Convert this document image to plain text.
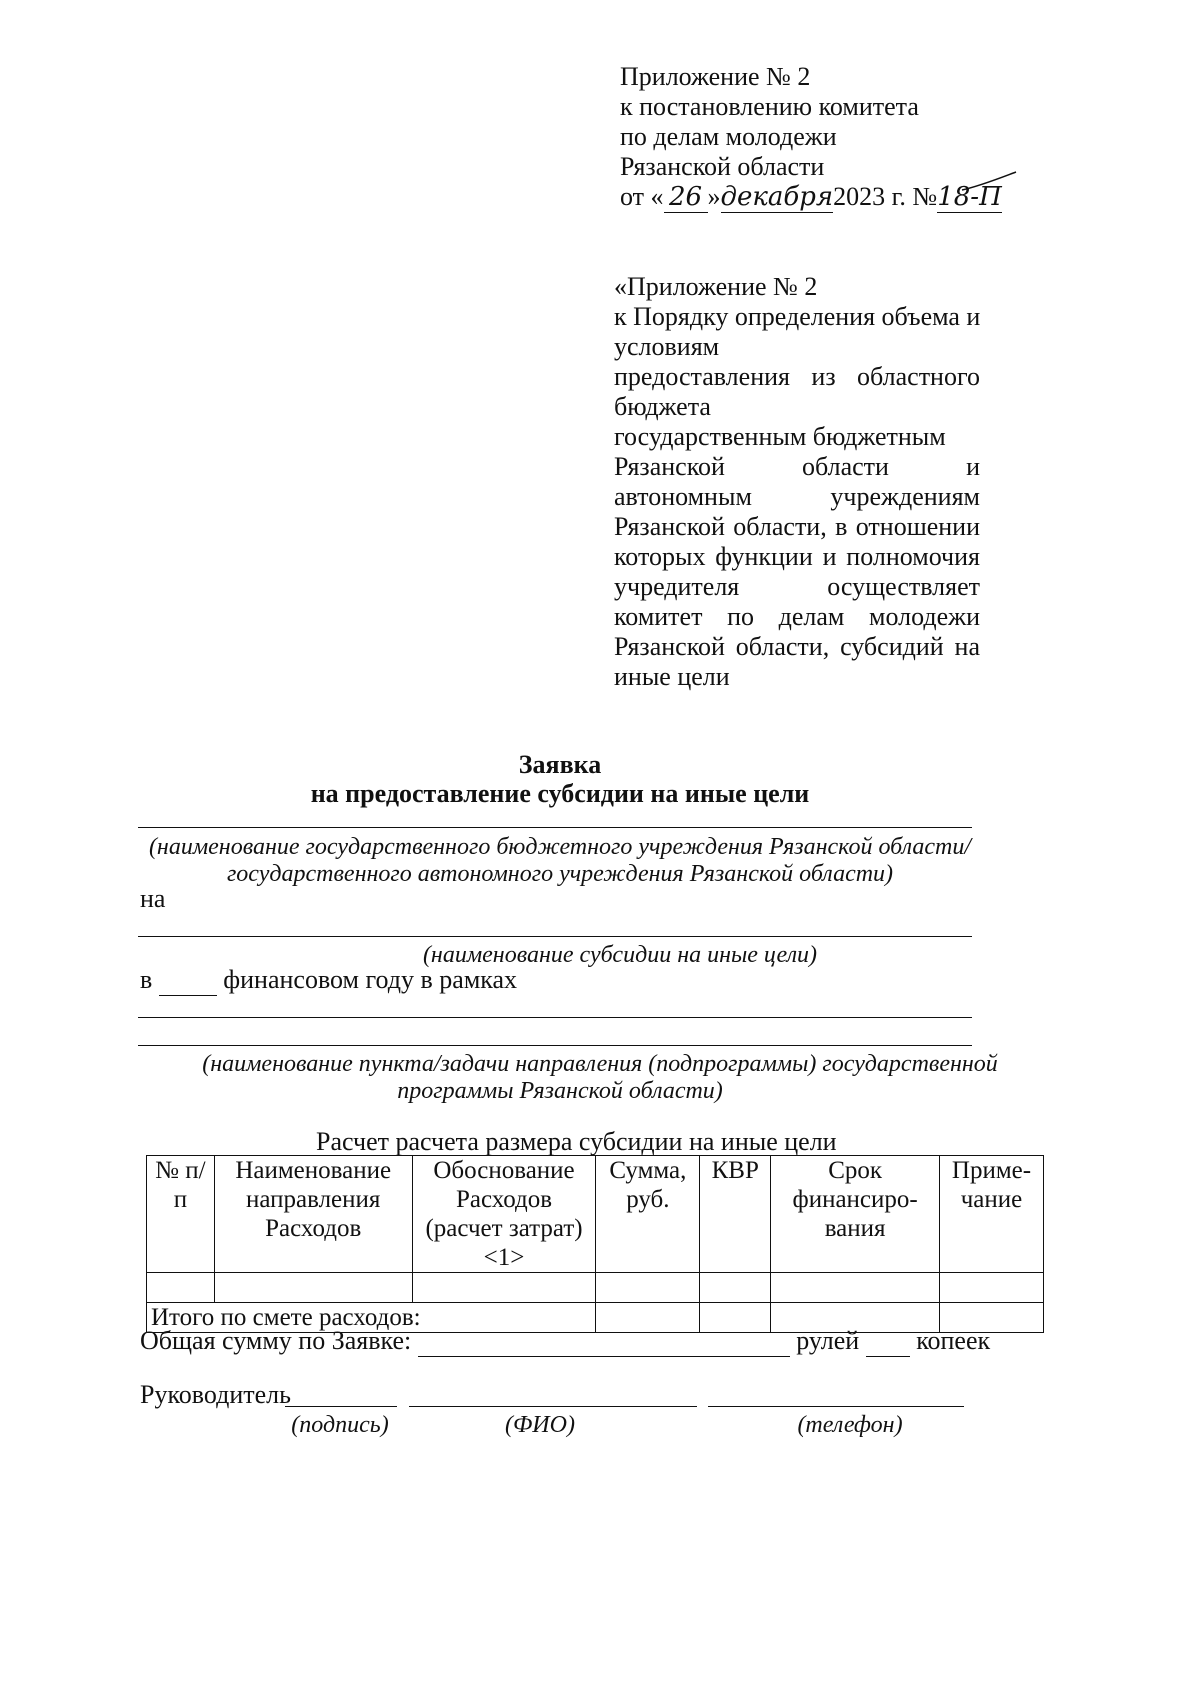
Приложение № 2
к постановлению комитета
по делам молодежи
Рязанской области
от « 26 »декабря2023 г. №18-П
«Приложение № 2
к Порядку определения объема и
условиям
предоставления из областного
бюджета
государственным бюджетным
Рязанской области и
автономным учреждениям
Рязанской области, в отношении
которых функции и полномочия
учредителя осуществляет
комитет по делам молодежи
Рязанской области, субсидий на
иные цели
Заявка
на предоставление субсидии на иные цели
(наименование государственного бюджетного учреждения Рязанской области/
государственного автономного учреждения Рязанской области)
на
(наименование субсидии на иные цели)
в	финансовом году в рамках
(наименование пункта/задачи направления (подпрограммы) государственной
программы Рязанской области)
Расчет расчета размера субсидии на иные цели
№ п/п	Наименование направления Расходов	Обоснование Расходов (расчет затрат)<1>	Сумма, руб.	КВР	Срок финансиро-вания	Приме-чание

Итого по смете расходов:						
Общая сумму по Заявке:	рулей копеек
Руководитель
(подпись)	(ФИО)	(телефон)
